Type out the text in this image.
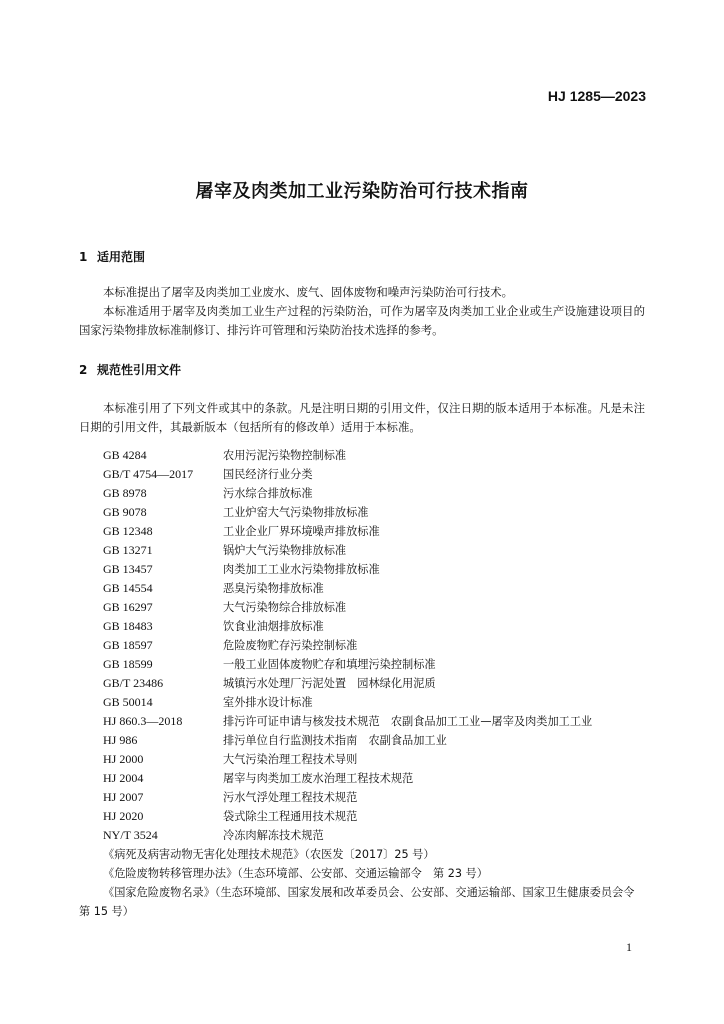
HJ 1285—2023
屠宰及肉类加工业污染防治可行技术指南
1 适用范围
本标准提出了屠宰及肉类加工业废水、废气、固体废物和噪声污染防治可行技术。
本标准适用于屠宰及肉类加工业生产过程的污染防治，可作为屠宰及肉类加工业企业或生产设施建设项目的国家污染物排放标准制修订、排污许可管理和污染防治技术选择的参考。
2 规范性引用文件
本标准引用了下列文件或其中的条款。凡是注明日期的引用文件，仅注日期的版本适用于本标准。凡是未注日期的引用文件，其最新版本（包括所有的修改单）适用于本标准。
GB 4284	农用污泥污染物控制标准
GB/T 4754—2017	国民经济行业分类
GB 8978	污水综合排放标准
GB 9078	工业炉窑大气污染物排放标准
GB 12348	工业企业厂界环境噪声排放标准
GB 13271	锅炉大气污染物排放标准
GB 13457	肉类加工工业水污染物排放标准
GB 14554	恶臭污染物排放标准
GB 16297	大气污染物综合排放标准
GB 18483	饮食业油烟排放标准
GB 18597	危险废物贮存污染控制标准
GB 18599	一般工业固体废物贮存和填埋污染控制标准
GB/T 23486	城镇污水处理厂污泥处置　园林绿化用泥质
GB 50014	室外排水设计标准
HJ 860.3—2018	排污许可证申请与核发技术规范　农副食品加工工业—屠宰及肉类加工工业
HJ 986	排污单位自行监测技术指南　农副食品加工业
HJ 2000	大气污染治理工程技术导则
HJ 2004	屠宰与肉类加工废水治理工程技术规范
HJ 2007	污水气浮处理工程技术规范
HJ 2020	袋式除尘工程通用技术规范
NY/T 3524	冷冻肉解冻技术规范
《病死及病害动物无害化处理技术规范》（农医发〔2017〕25 号）
《危险废物转移管理办法》（生态环境部、公安部、交通运输部令　第 23 号）
《国家危险废物名录》（生态环境部、国家发展和改革委员会、公安部、交通运输部、国家卫生健康委员会令　第 15 号）
1
